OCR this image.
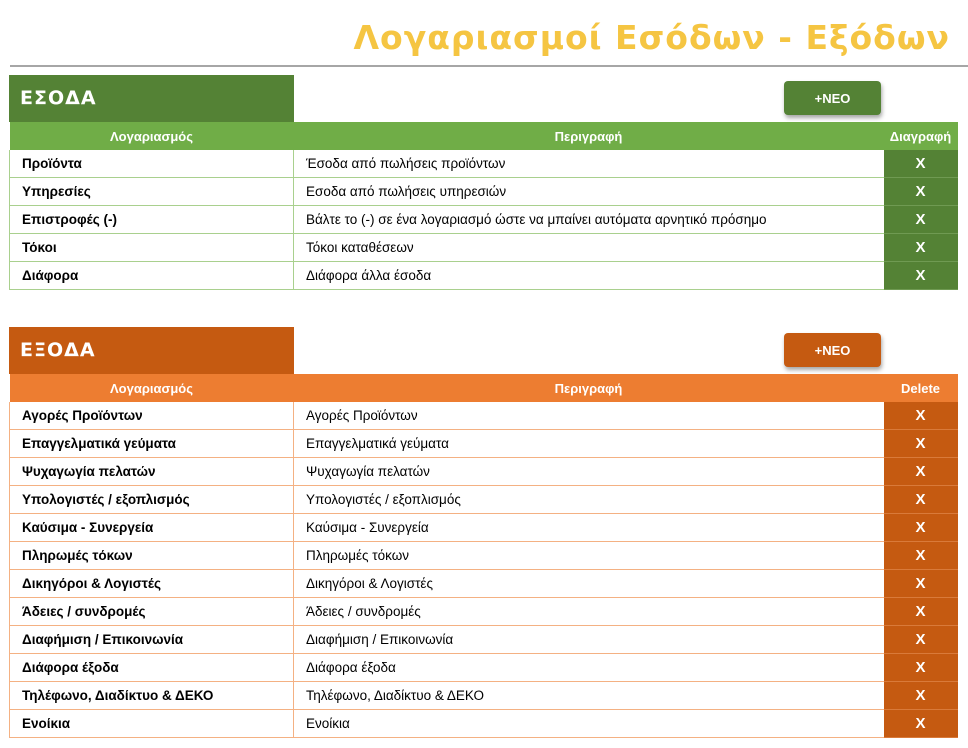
Λογαριασμοί Εσόδων - Εξόδων
ΕΣΟΔΑ	+ΝΕΟ
Λογαριασμός	Περιγραφή	Διαγραφή
Προϊόντα	Έσοδα από πωλήσεις προϊόντων	X
Υπηρεσίες	Εσοδα από πωλήσεις υπηρεσιών	X
Επιστροφές (-)	Βάλτε το (-) σε ένα λογαριασμό ώστε να μπαίνει αυτόματα αρνητικό πρόσημο	X
Τόκοι	Τόκοι καταθέσεων	X
Διάφορα	Διάφορα άλλα έσοδα	X
ΕΞΟΔΑ	+ΝΕΟ
Λογαριασμός	Περιγραφή	Delete
Αγορές Προϊόντων	Αγορές Προϊόντων	X
Επαγγελματικά γεύματα	Επαγγελματικά γεύματα	X
Ψυχαγωγία πελατών	Ψυχαγωγία πελατών	X
Υπολογιστές / εξοπλισμός	Υπολογιστές / εξοπλισμός	X
Καύσιμα - Συνεργεία	Καύσιμα - Συνεργεία	X
Πληρωμές τόκων	Πληρωμές τόκων	X
Δικηγόροι & Λογιστές	Δικηγόροι & Λογιστές	X
Άδειες / συνδρομές	Άδειες / συνδρομές	X
Διαφήμιση / Επικοινωνία	Διαφήμιση / Επικοινωνία	X
Διάφορα έξοδα	Διάφορα έξοδα	X
Τηλέφωνο, Διαδίκτυο & ΔΕΚΟ	Τηλέφωνο, Διαδίκτυο & ΔΕΚΟ	X
Ενοίκια	Ενοίκια	X
